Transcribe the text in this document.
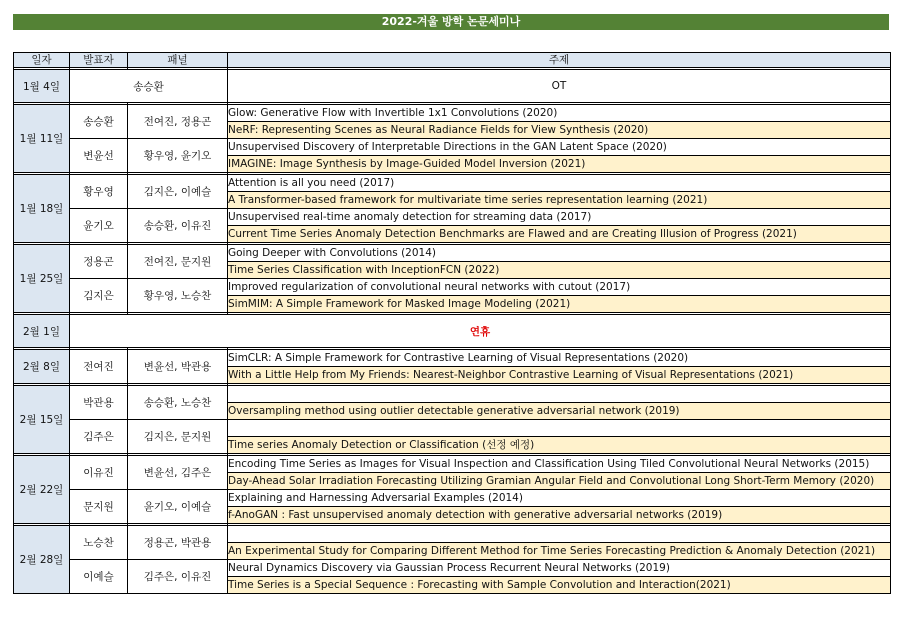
2022-겨울 방학 논문세미나
일자	발표자	패널	주제

1월 4일	송승환		OT

1월 11일	송승환	전여진, 정용곤	Glow: Generative Flow with Invertible 1x1 Convolutions (2020)
			NeRF: Representing Scenes as Neural Radiance Fields for View Synthesis (2020)
	변윤선	황우영, 윤기오	Unsupervised Discovery of Interpretable Directions in the GAN Latent Space (2020)
			IMAGINE: Image Synthesis by Image-Guided Model Inversion (2021)

1월 18일	황우영	김지은, 이예슬	Attention is all you need (2017)
			A Transformer-based framework for multivariate time series representation learning (2021)
	윤기오	송승환, 이유진	Unsupervised real-time anomaly detection for streaming data (2017)
			Current Time Series Anomaly Detection Benchmarks are Flawed and are Creating Illusion of Progress (2021)

1월 25일	정용곤	전여진, 문지원	Going Deeper with Convolutions (2014)
			Time Series Classification with InceptionFCN (2022)
	김지은	황우영, 노승찬	Improved regularization of convolutional neural networks with cutout (2017)
			SimMIM: A Simple Framework for Masked Image Modeling (2021)

2월 1일	연휴		

2월 8일	전여진	변윤선, 박관용	SimCLR: A Simple Framework for Contrastive Learning of Visual Representations (2020)
			With a Little Help from My Friends: Nearest-Neighbor Contrastive Learning of Visual Representations (2021)

2월 15일	박관용	송승환, 노승찬	
			Oversampling method using outlier detectable generative adversarial network (2019)
	김주은	김지은, 문지원	
			Time series Anomaly Detection or Classification (선정 예정)

2월 22일	이유진	변윤선, 김주은	Encoding Time Series as Images for Visual Inspection and Classification Using Tiled Convolutional Neural Networks (2015)
			Day-Ahead Solar Irradiation Forecasting Utilizing Gramian Angular Field and Convolutional Long Short-Term Memory (2020)
	문지원	윤기오, 이예슬	Explaining and Harnessing Adversarial Examples (2014)
			f-AnoGAN : Fast unsupervised anomaly detection with generative adversarial networks (2019)

2월 28일	노승찬	정용곤, 박관용	
			An Experimental Study for Comparing Different Method for Time Series Forecasting Prediction & Anomaly Detection (2021)
	이예슬	김주은, 이유진	Neural Dynamics Discovery via Gaussian Process Recurrent Neural Networks (2019)
			Time Series is a Special Sequence : Forecasting with Sample Convolution and Interaction(2021)
